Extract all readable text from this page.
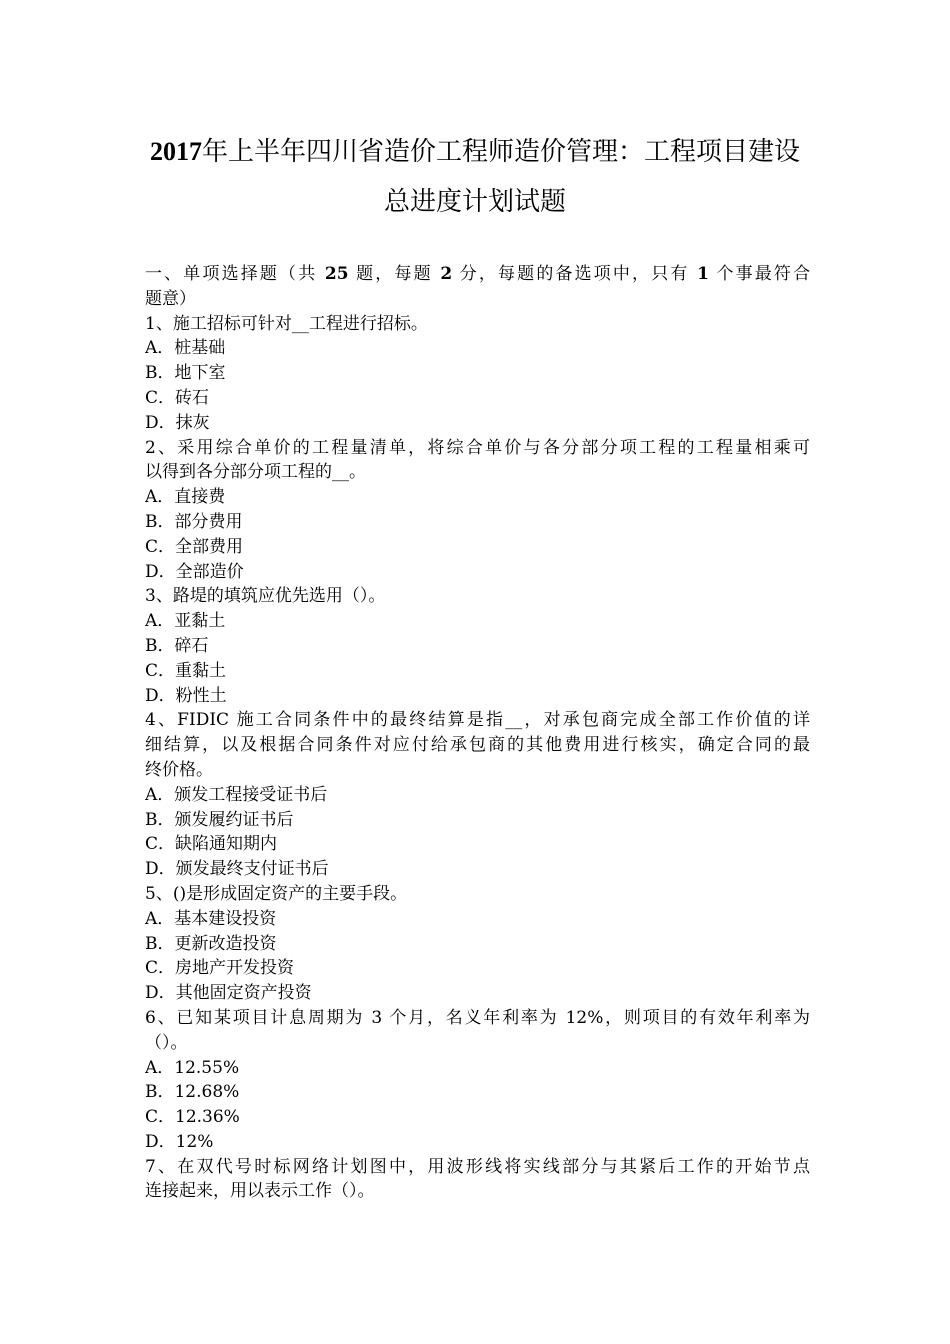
2017年上半年四川省造价工程师造价管理：工程项目建设
总进度计划试题
一、单项选择题（共 25 题，每题 2 分，每题的备选项中，只有 1 个事最符合
题意）
1、施工招标可针对__工程进行招标。
A．桩基础
B．地下室
C．砖石
D．抹灰
2、采用综合单价的工程量清单，将综合单价与各分部分项工程的工程量相乘可
以得到各分部分项工程的__。
A．直接费
B．部分费用
C．全部费用
D．全部造价
3、路堤的填筑应优先选用（）。
A．亚黏土
B．碎石
C．重黏土
D．粉性土
4、FIDIC 施工合同条件中的最终结算是指__，对承包商完成全部工作价值的详
细结算，以及根据合同条件对应付给承包商的其他费用进行核实，确定合同的最
终价格。
A．颁发工程接受证书后
B．颁发履约证书后
C．缺陷通知期内
D．颁发最终支付证书后
5、()是形成固定资产的主要手段。
A．基本建设投资
B．更新改造投资
C．房地产开发投资
D．其他固定资产投资
6、已知某项目计息周期为 3 个月，名义年利率为 12%，则项目的有效年利率为
（）。
A．12.55%
B．12.68%
C．12.36%
D．12%
7、在双代号时标网络计划图中，用波形线将实线部分与其紧后工作的开始节点
连接起来，用以表示工作（）。
